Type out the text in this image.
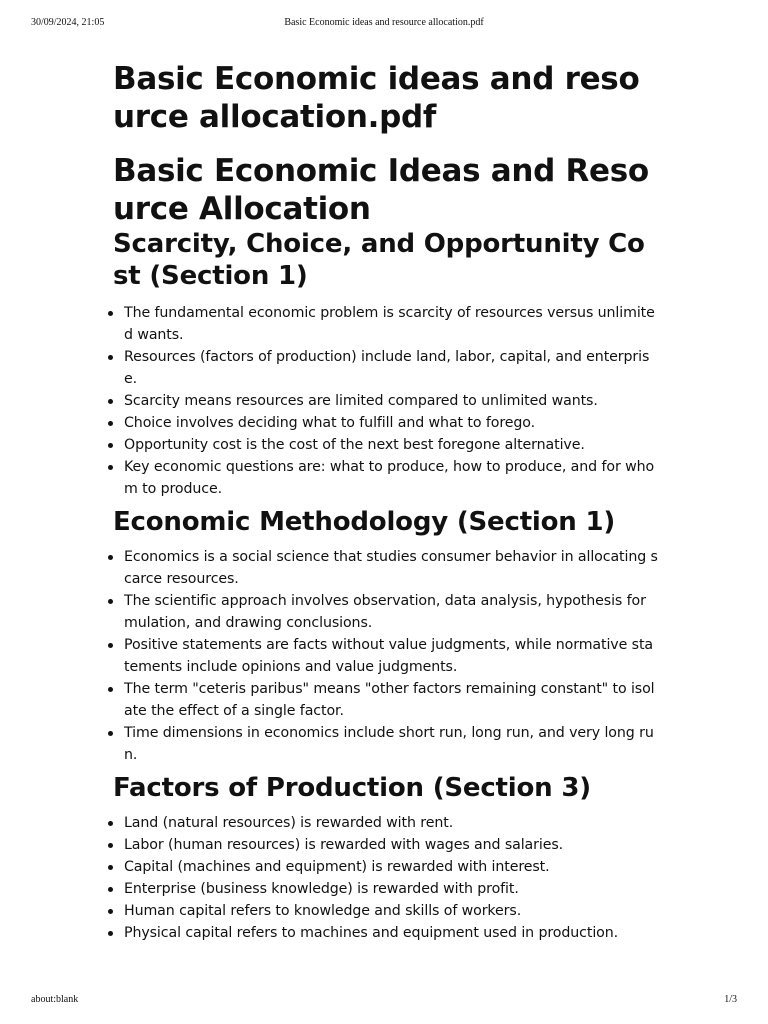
30/09/2024, 21:05	Basic Economic ideas and resource allocation.pdf
Basic Economic ideas and resource allocation.pdf
Basic Economic Ideas and Resource Allocation
Scarcity, Choice, and Opportunity Cost (Section 1)
The fundamental economic problem is scarcity of resources versus unlimited wants.
Resources (factors of production) include land, labor, capital, and enterprise.
Scarcity means resources are limited compared to unlimited wants.
Choice involves deciding what to fulfill and what to forego.
Opportunity cost is the cost of the next best foregone alternative.
Key economic questions are: what to produce, how to produce, and for whom to produce.
Economic Methodology (Section 1)
Economics is a social science that studies consumer behavior in allocating scarce resources.
The scientific approach involves observation, data analysis, hypothesis formulation, and drawing conclusions.
Positive statements are facts without value judgments, while normative statements include opinions and value judgments.
The term "ceteris paribus" means "other factors remaining constant" to isolate the effect of a single factor.
Time dimensions in economics include short run, long run, and very long run.
Factors of Production (Section 3)
Land (natural resources) is rewarded with rent.
Labor (human resources) is rewarded with wages and salaries.
Capital (machines and equipment) is rewarded with interest.
Enterprise (business knowledge) is rewarded with profit.
Human capital refers to knowledge and skills of workers.
Physical capital refers to machines and equipment used in production.
about:blank	1/3
